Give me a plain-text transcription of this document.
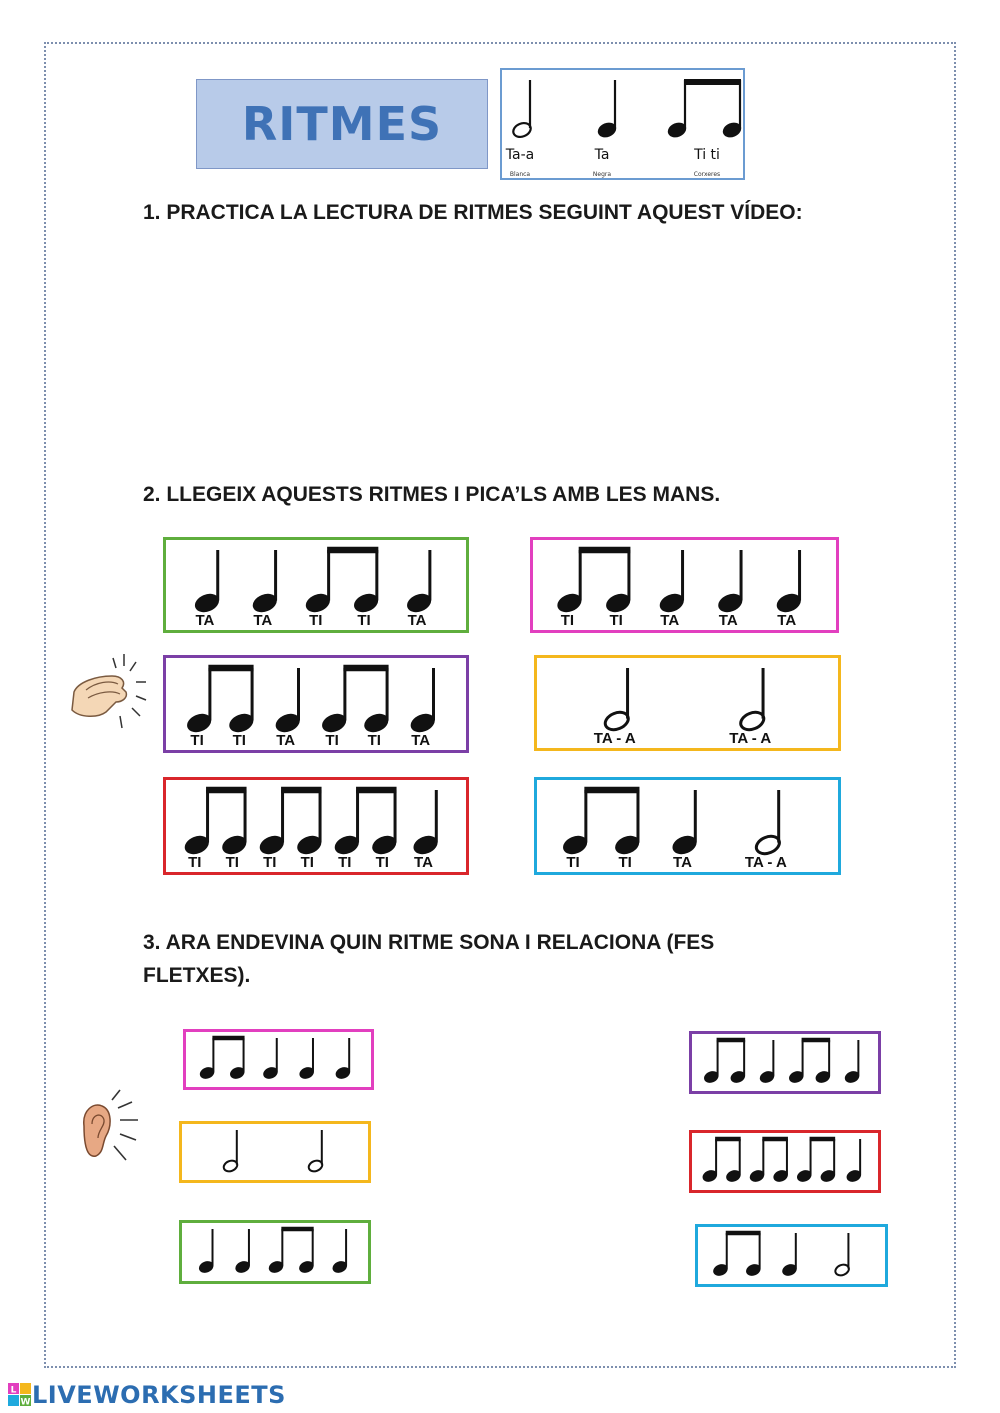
RITMES
Ta-a
Blanca
Ta
Negra
Ti ti
Corxeres
1. PRACTICA LA LECTURA DE RITMES SEGUINT AQUEST VÍDEO:
2. LLEGEIX AQUESTS RITMES I PICA’LS AMB LES MANS.
TA	TA TI TI TA	TI TI	TA	TA	TA
TI TI TA TI TI TA	TA - A	TA - A
TI TI TI TI TI TI TA	TI	TI	TA	TA - A
3. ARA ENDEVINA QUIN RITME SONA I RELACIONA (FES
FLETXES).
L
W LIVEWORKSHEETS
